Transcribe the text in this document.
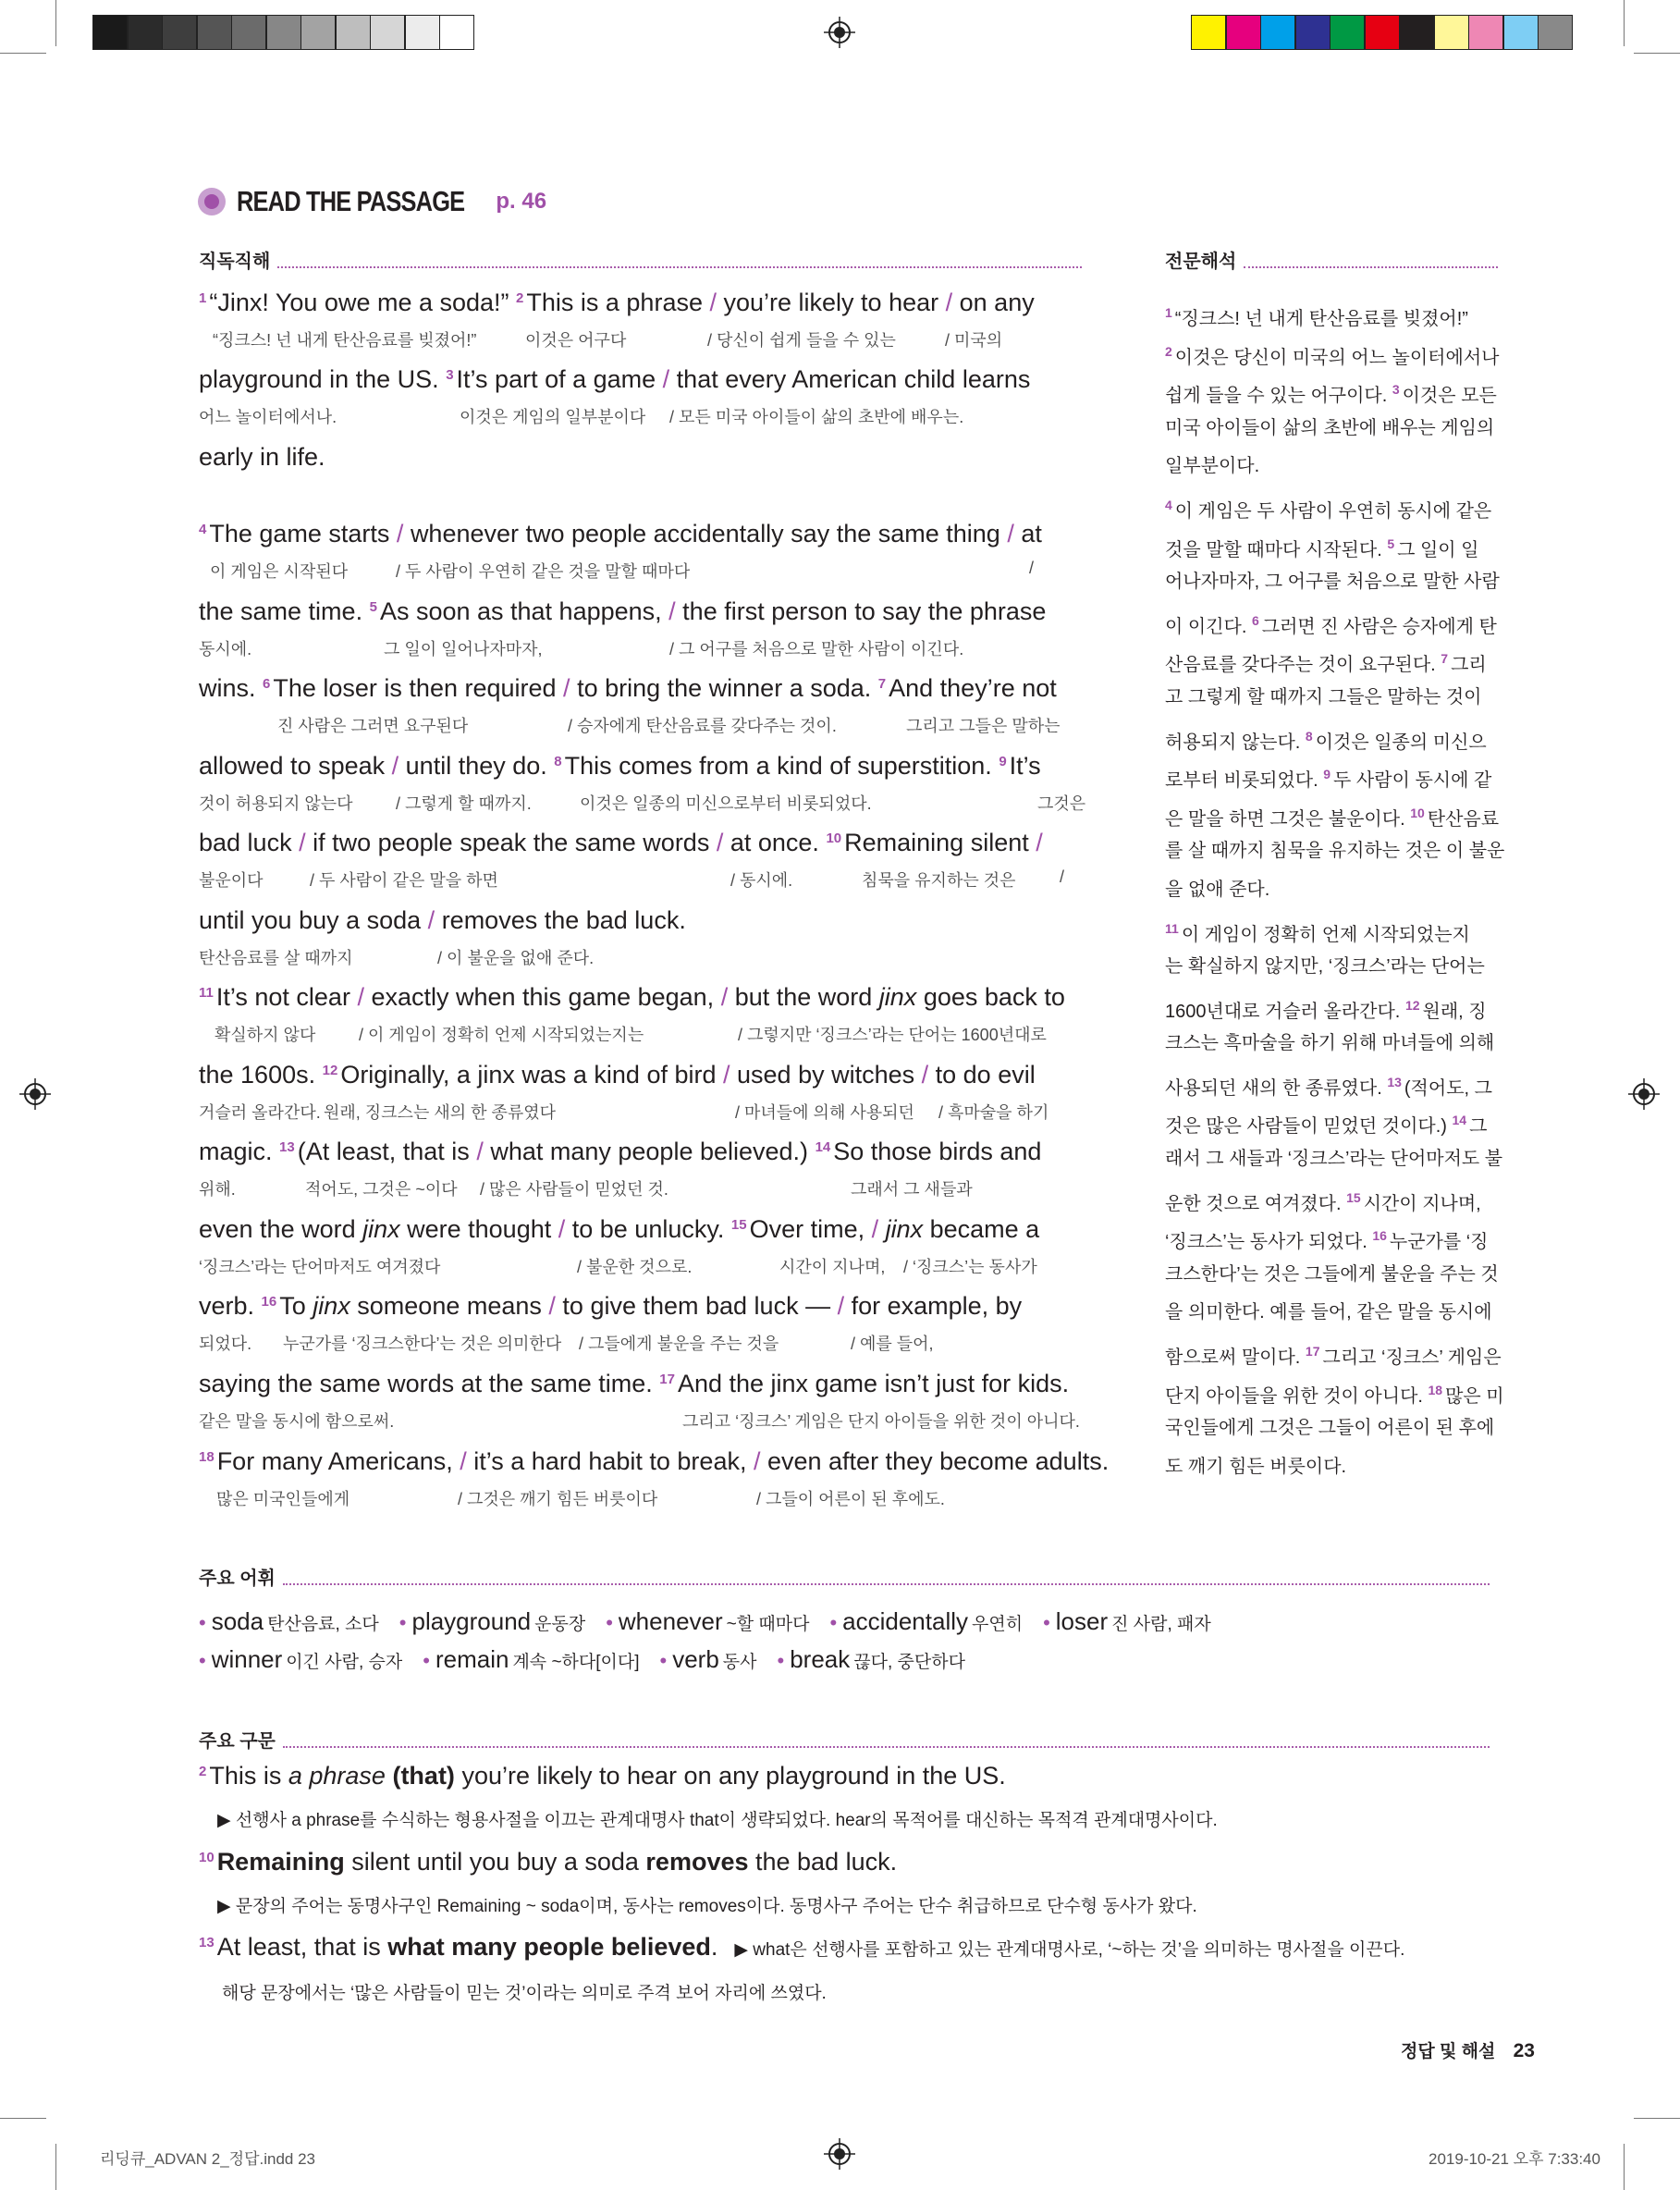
READ THE PASSAGE p. 46
직독직해	전문해석
$^1$ “Jinx! You owe me a soda!” $^2$ This is a phrase / you’re likely to hear / on any
“징크스! 넌 내게 탄산음료를 빚졌어!”	이것은 어구다	/ 당신이 쉽게 들을 수 있는	/ 미국의
playground in the US. $^3$ It’s part of a game / that every American child learns
어느 놀이터에서나.	이것은 게임의 일부분이다 / 모든 미국 아이들이 삶의 초반에 배우는.
early in life.
$^4$ The game starts / whenever two people accidentally say the same thing / at
이 게임은 시작된다	/ 두 사람이 우연히 같은 것을 말할 때마다	/
the same time. $^5$ As soon as that happens, / the first person to say the phrase
동시에.	그 일이 일어나자마자,	/ 그 어구를 처음으로 말한 사람이 이긴다.
wins. $^6$ The loser is then required / to bring the winner a soda. $^7$ And they’re not
진 사람은 그러면 요구된다	/ 승자에게 탄산음료를 갖다주는 것이.	그리고 그들은 말하는
allowed to speak / until they do. $^8$ This comes from a kind of superstition. $^9$ It’s
것이 허용되지 않는다	/ 그렇게 할 때까지.	이것은 일종의 미신으로부터 비롯되었다.	그것은
bad luck / if two people speak the same words / at once. $^{10}$ Remaining silent /
불운이다	/ 두 사람이 같은 말을 하면	/ 동시에.	침묵을 유지하는 것은	/
until you buy a soda / removes the bad luck.
탄산음료를 살 때까지	/ 이 불운을 없애 준다.
$^{11}$ It’s not clear / exactly when this game began, / but the word jinx goes back to
확실하지 않다	/ 이 게임이 정확히 언제 시작되었는지는	/ 그렇지만 ‘징크스’라는 단어는 1600년대로
the 1600s. $^{12}$ Originally, a jinx was a kind of bird / used by witches / to do evil
거슬러 올라간다. 원래, 징크스는 새의 한 종류였다	/ 마녀들에 의해 사용되던 / 흑마술을 하기
magic. $^{13}$ (At least, that is / what many people believed.) $^{14}$ So those birds and
위해.	적어도, 그것은 ~이다 / 많은 사람들이 믿었던 것.	그래서 그 새들과
even the word jinx were thought / to be unlucky. $^{15}$ Over time, / jinx became a
‘징크스’라는 단어마저도 여겨졌다	/ 불운한 것으로.	시간이 지나며, / ‘징크스’는 동사가
verb. $^{16}$ To jinx someone means / to give them bad luck — / for example, by
되었다. 누군가를 ‘징크스한다’는 것은 의미한다 / 그들에게 불운을 주는 것을	/ 예를 들어,
saying the same words at the same time. $^{17}$ And the jinx game isn’t just for kids.
같은 말을 동시에 함으로써.	그리고 ‘징크스’ 게임은 단지 아이들을 위한 것이 아니다.
$^{18}$ For many Americans, / it’s a hard habit to break, / even after they become adults.
많은 미국인들에게	/ 그것은 깨기 힘든 버릇이다	/ 그들이 어른이 된 후에도.
$^1$ “징크스! 넌 내게 탄산음료를 빚졌어!”
$^2$ 이것은 당신이 미국의 어느 놀이터에서나
쉽게 들을 수 있는 어구이다. $^3$ 이것은 모든
미국 아이들이 삶의 초반에 배우는 게임의
일부분이다.
$^4$ 이 게임은 두 사람이 우연히 동시에 같은
것을 말할 때마다 시작된다. $^5$ 그 일이 일
어나자마자, 그 어구를 처음으로 말한 사람
이 이긴다. $^6$ 그러면 진 사람은 승자에게 탄
산음료를 갖다주는 것이 요구된다. $^7$ 그리
고 그렇게 할 때까지 그들은 말하는 것이
허용되지 않는다. $^8$ 이것은 일종의 미신으
로부터 비롯되었다. $^9$ 두 사람이 동시에 같
은 말을 하면 그것은 불운이다. $^{10}$ 탄산음료
를 살 때까지 침묵을 유지하는 것은 이 불운
을 없애 준다.
$^{11}$ 이 게임이 정확히 언제 시작되었는지
는 확실하지 않지만, ‘징크스’라는 단어는
1600년대로 거슬러 올라간다. $^{12}$ 원래, 징
크스는 흑마술을 하기 위해 마녀들에 의해
사용되던 새의 한 종류였다. $^{13}$ (적어도, 그
것은 많은 사람들이 믿었던 것이다.) $^{14}$ 그
래서 그 새들과 ‘징크스’라는 단어마저도 불
운한 것으로 여겨졌다. $^{15}$ 시간이 지나며,
‘징크스’는 동사가 되었다. $^{16}$ 누군가를 ‘징
크스한다’는 것은 그들에게 불운을 주는 것
을 의미한다. 예를 들어, 같은 말을 동시에
함으로써 말이다. $^{17}$ 그리고 ‘징크스’ 게임은
단지 아이들을 위한 것이 아니다. $^{18}$ 많은 미
국인들에게 그것은 그들이 어른이 된 후에
도 깨기 힘든 버릇이다.
주요 어휘
• soda 탄산음료, 소다 • playground 운동장 • whenever ~할 때마다 • accidentally 우연히 • loser 진 사람, 패자
• winner 이긴 사람, 승자 • remain 계속 ~하다[이다] • verb 동사 • break 끊다, 중단하다
주요 구문
$^2$ This is a phrase (that) you’re likely to hear on any playground in the US.
▶ 선행사 a phrase를 수식하는 형용사절을 이끄는 관계대명사 that이 생략되었다. hear의 목적어를 대신하는 목적격 관계대명사이다.
$^{10}$ Remaining silent until you buy a soda removes the bad luck.
▶ 문장의 주어는 동명사구인 Remaining ~ soda이며, 동사는 removes이다. 동명사구 주어는 단수 취급하므로 단수형 동사가 왔다.
$^{13}$ At least, that is what many people believed. ▶ what은 선행사를 포함하고 있는 관계대명사로, ‘~하는 것’을 의미하는 명사절을 이끈다.
해당 문장에서는 ‘많은 사람들이 믿는 것’이라는 의미로 주격 보어 자리에 쓰였다.
정답 및 해설 23
리딩큐_ADVAN 2_정답.indd 23	2019-10-21 오후 7:33:40
